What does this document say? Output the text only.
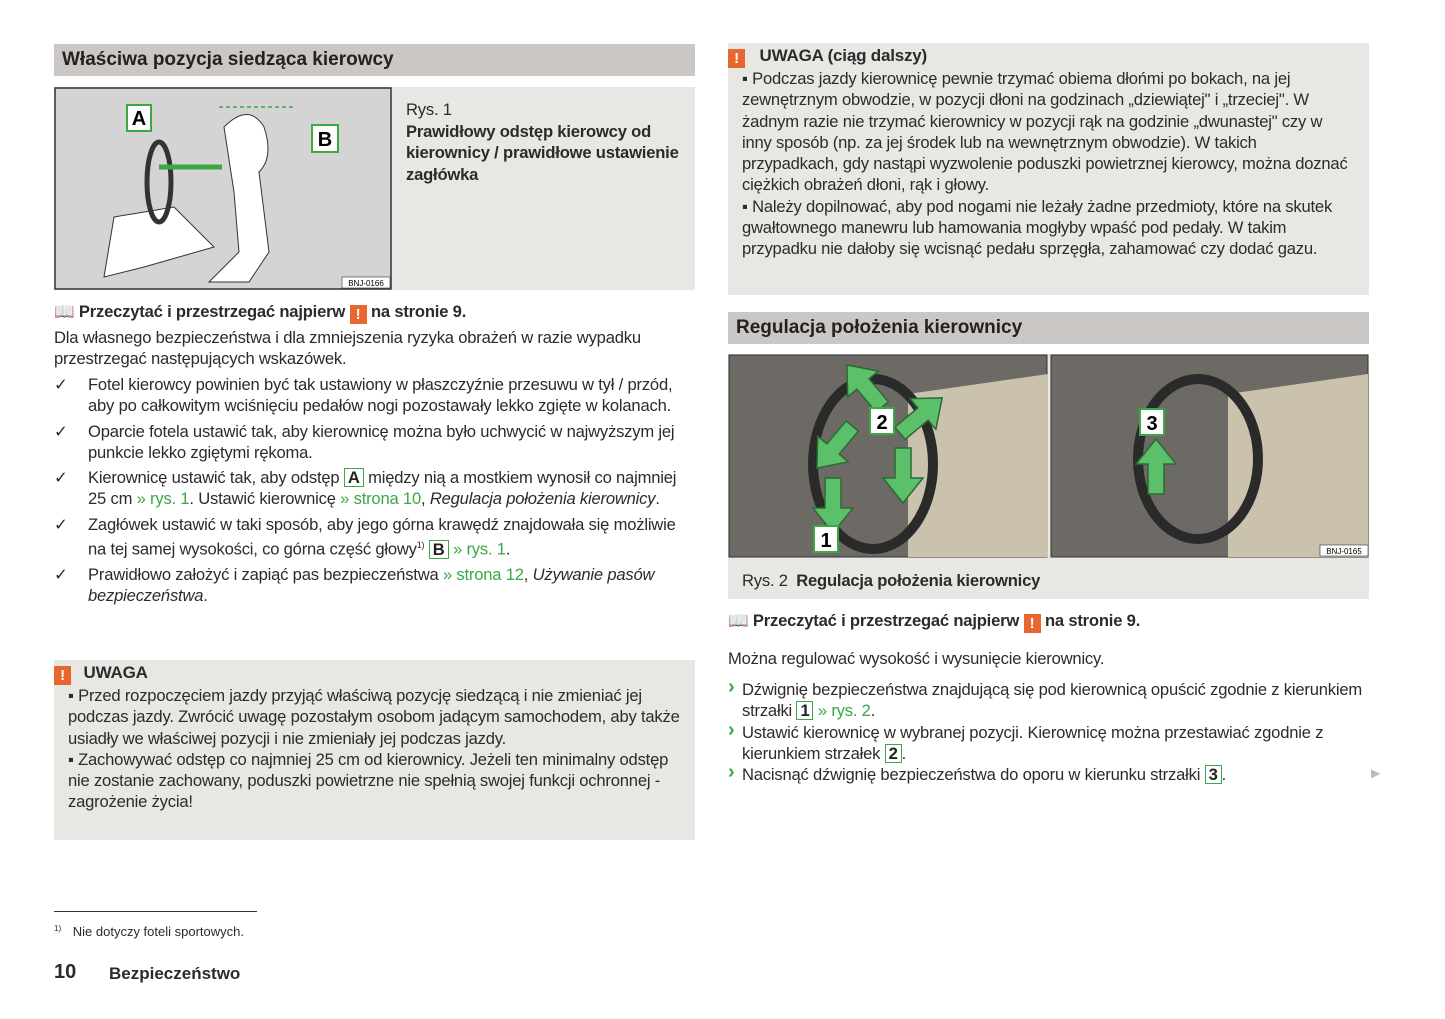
Właściwa pozycja siedząca kierowcy
A
B
BNJ-0166
Rys. 1
Prawidłowy odstęp kierowcy od kierownicy / prawidłowe ustawienie zagłówka
📖 Przeczytać i przestrzegać najpierw ! na stronie 9.
Dla własnego bezpieczeństwa i dla zmniejszenia ryzyka obrażeń w razie wypadku przestrzegać następujących wskazówek.
✓ Fotel kierowcy powinien być tak ustawiony w płaszczyźnie przesuwu w tył / przód, aby po całkowitym wciśnięciu pedałów nogi pozostawały lekko zgięte w kolanach.
✓ Oparcie fotela ustawić tak, aby kierownicę można było uchwycić w najwyższym jej punkcie lekko zgiętymi rękoma.
✓ Kierownicę ustawić tak, aby odstęp A między nią a mostkiem wynosił co najmniej 25 cm » rys. 1. Ustawić kierownicę » strona 10, Regulacja położenia kierownicy.
✓ Zagłówek ustawić w taki sposób, aby jego górna krawędź znajdowała się możliwie na tej samej wysokości, co górna część głowy$^{1)}$ B » rys. 1.
✓ Prawidłowo założyć i zapiąć pas bezpieczeństwa » strona 12, Używanie pasów bezpieczeństwa.
! UWAGA
▪ Przed rozpoczęciem jazdy przyjąć właściwą pozycję siedzącą i nie zmieniać jej podczas jazdy. Zwrócić uwagę pozostałym osobom jadącym samochodem, aby także usiadły we właściwej pozycji i nie zmieniały jej podczas jazdy.
▪ Zachowywać odstęp co najmniej 25 cm od kierownicy. Jeżeli ten minimalny odstęp nie zostanie zachowany, poduszki powietrzne nie spełnią swojej funkcji ochronnej - zagrożenie życia!
! UWAGA (ciąg dalszy)
▪ Podczas jazdy kierownicę pewnie trzymać obiema dłońmi po bokach, na jej zewnętrznym obwodzie, w pozycji dłoni na godzinach „dziewiątej" i „trzeciej". W żadnym razie nie trzymać kierownicy w pozycji rąk na godzinie „dwunastej" czy w inny sposób (np. za jej środek lub na wewnętrznym obwodzie). W takich przypadkach, gdy nastąpi wyzwolenie poduszki powietrznej kierowcy, można doznać ciężkich obrażeń dłoni, rąk i głowy.
▪ Należy dopilnować, aby pod nogami nie leżały żadne przedmioty, które na skutek gwałtownego manewru lub hamowania mogłyby wpaść pod pedały. W takim przypadku nie dałoby się wcisnąć pedału sprzęgła, zahamować czy dodać gazu.
Regulacja położenia kierownicy
1
2	3
BNJ-0165
Rys. 2 Regulacja położenia kierownicy
📖 Przeczytać i przestrzegać najpierw ! na stronie 9.
Można regulować wysokość i wysunięcie kierownicy.
› Dźwignię bezpieczeństwa znajdującą się pod kierownicą opuścić zgodnie z kierunkiem strzałki 1 » rys. 2.
› Ustawić kierownicę w wybranej pozycji. Kierownicę można przestawiać zgodnie z kierunkiem strzałek 2 .
› Nacisnąć dźwignię bezpieczeństwa do oporu w kierunku strzałki 3 .	▶
$^{1)}$ Nie dotyczy foteli sportowych.
10 Bezpieczeństwo
